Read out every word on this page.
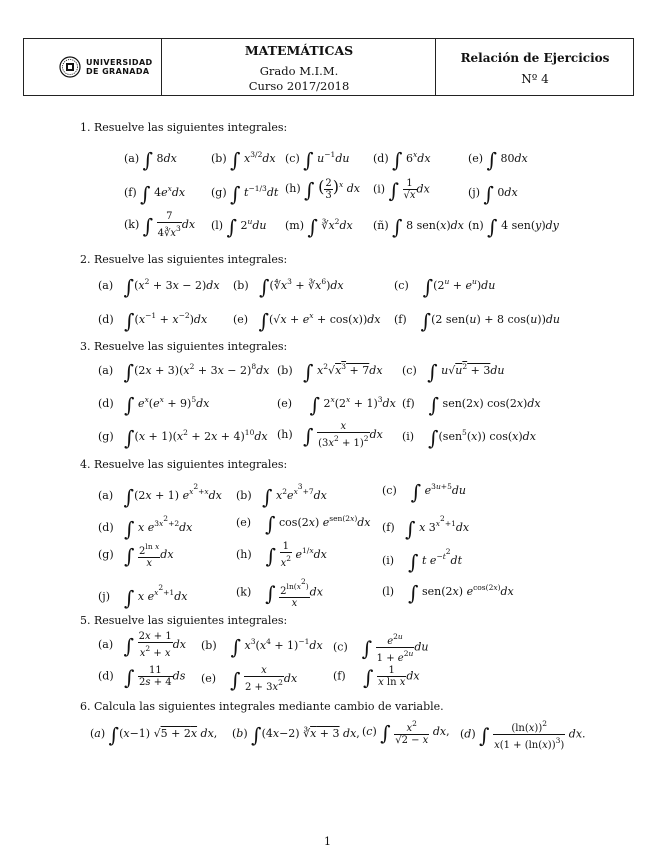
UNIVERSIDAD
DE GRANADA
MATEMÁTICAS
Grado M.I.M.
Curso 2017/2018
Relación de Ejercicios
Nº 4
1. Resuelve las siguientes integrales:
(a) ∫ 8dx	(b) ∫ $x^{3/2}dx$ (c) ∫ $u^{-1}du$ (d) ∫ 6$^x$dx	(e) ∫ 80dx
(f) ∫ $4e^xdx$ (g) ∫ $t^{-1/3}dt$ (h) ∫ ( $\frac{2}{3} )^x$ dx (i) ∫ $\frac{1}{√x}$ dx	(j) ∫ 0dx
(k) ∫ $\frac{7}{4∛x^3}$ dx (l) ∫ 2$^u$du (m) ∫ $∛x^2dx$ (ñ) ∫ 8 sen(x)dx (n) ∫ 4 sen(y)dy
2. Resuelve las siguientes integrales:
(a)   $\int(x^2 + 3x - 2)dx$ (b)   $\int(∜x^3$ + $∛x^6)dx$	(c)    $\int(2^u + e^u)du$
(d)   $\int(x^{-1} + x^{-2})dx$ (e)   $\int(√x + e^x + \cos(x))dx$ (f)    ∫(2 sen(u) + 8 cos(u))du
3. Resuelve las siguientes integrales:
(a)   $\int(2x + 3)(x^2 + 3x - 2)^8dx$ (b)   ∫ $x^2√x^3 + 7dx$ (c)   ∫ $u√u^2 + 3du$
(d)   ∫ $e^x(e^x + 9)^5dx$	(e)     ∫ $2^x(2^x + 1)^3dx$ (f)    ∫ sen(2x) cos(2x)dx
(g)   $\int(x + 1)(x^2 + 2x + 4)^{10}dx$ (h)   ∫ $\frac{x}{(3x^2 + 1)^2}$ dx (i)    ∫(sen$^5$(x)) cos(x)dx
4. Resuelve las siguientes integrales:
(a)   ∫(2x + 1) $e^{x^2+x}dx$ (b)   ∫ $x^2e^{x^3+7}dx$	(c)    ∫ $e^{3u+5}du$
(d)   ∫ x $e^{3x^2+2}dx$	(e)    ∫ cos(2x) $e^{sen(2x)}dx$ (f)   ∫ x $3^{x^2+1}dx$
(g)   ∫ $\frac{2^{ln x}}{x}$ dx	(h)    ∫ $\frac{1}{x^2} e^{1/x}dx$	(i)    ∫ t $e^{-t^2}dt$
(j)    ∫ x $e^{x^2+1}dx$	(k)    ∫ $\frac{2^{ln(x^2)}}{x}$ dx	(l)    ∫ sen(2x) $e^{cos(2x)}dx$
5. Resuelve las siguientes integrales:
(a)   ∫ $\frac{2x + 1}{x^2 + x}$ dx (b)    ∫ $x^3(x^4 + 1)^{-1}dx$ (c)    ∫ $\frac{e^{2u}}{1 + e^{2u}}$ du
(d)   ∫ $\frac{11}{2s + 4}$ ds (e)    ∫ $\frac{x}{2 + 3x^2}$ dx	(f)     ∫ $\frac{1}{\text{x ln x}}$ dx
6. Calcula las siguientes integrales mediante cambio de variable.
(a) ∫(x−1) √5 + 2x dx, (b) ∫(4x−2) ∛x + 3 dx, (c) ∫ $\frac{x^2}{√2 - x}$ dx, (d) ∫ $\frac{(\ln(x))^2}{x(1 + (\ln(x))^3)}$ dx.
1
